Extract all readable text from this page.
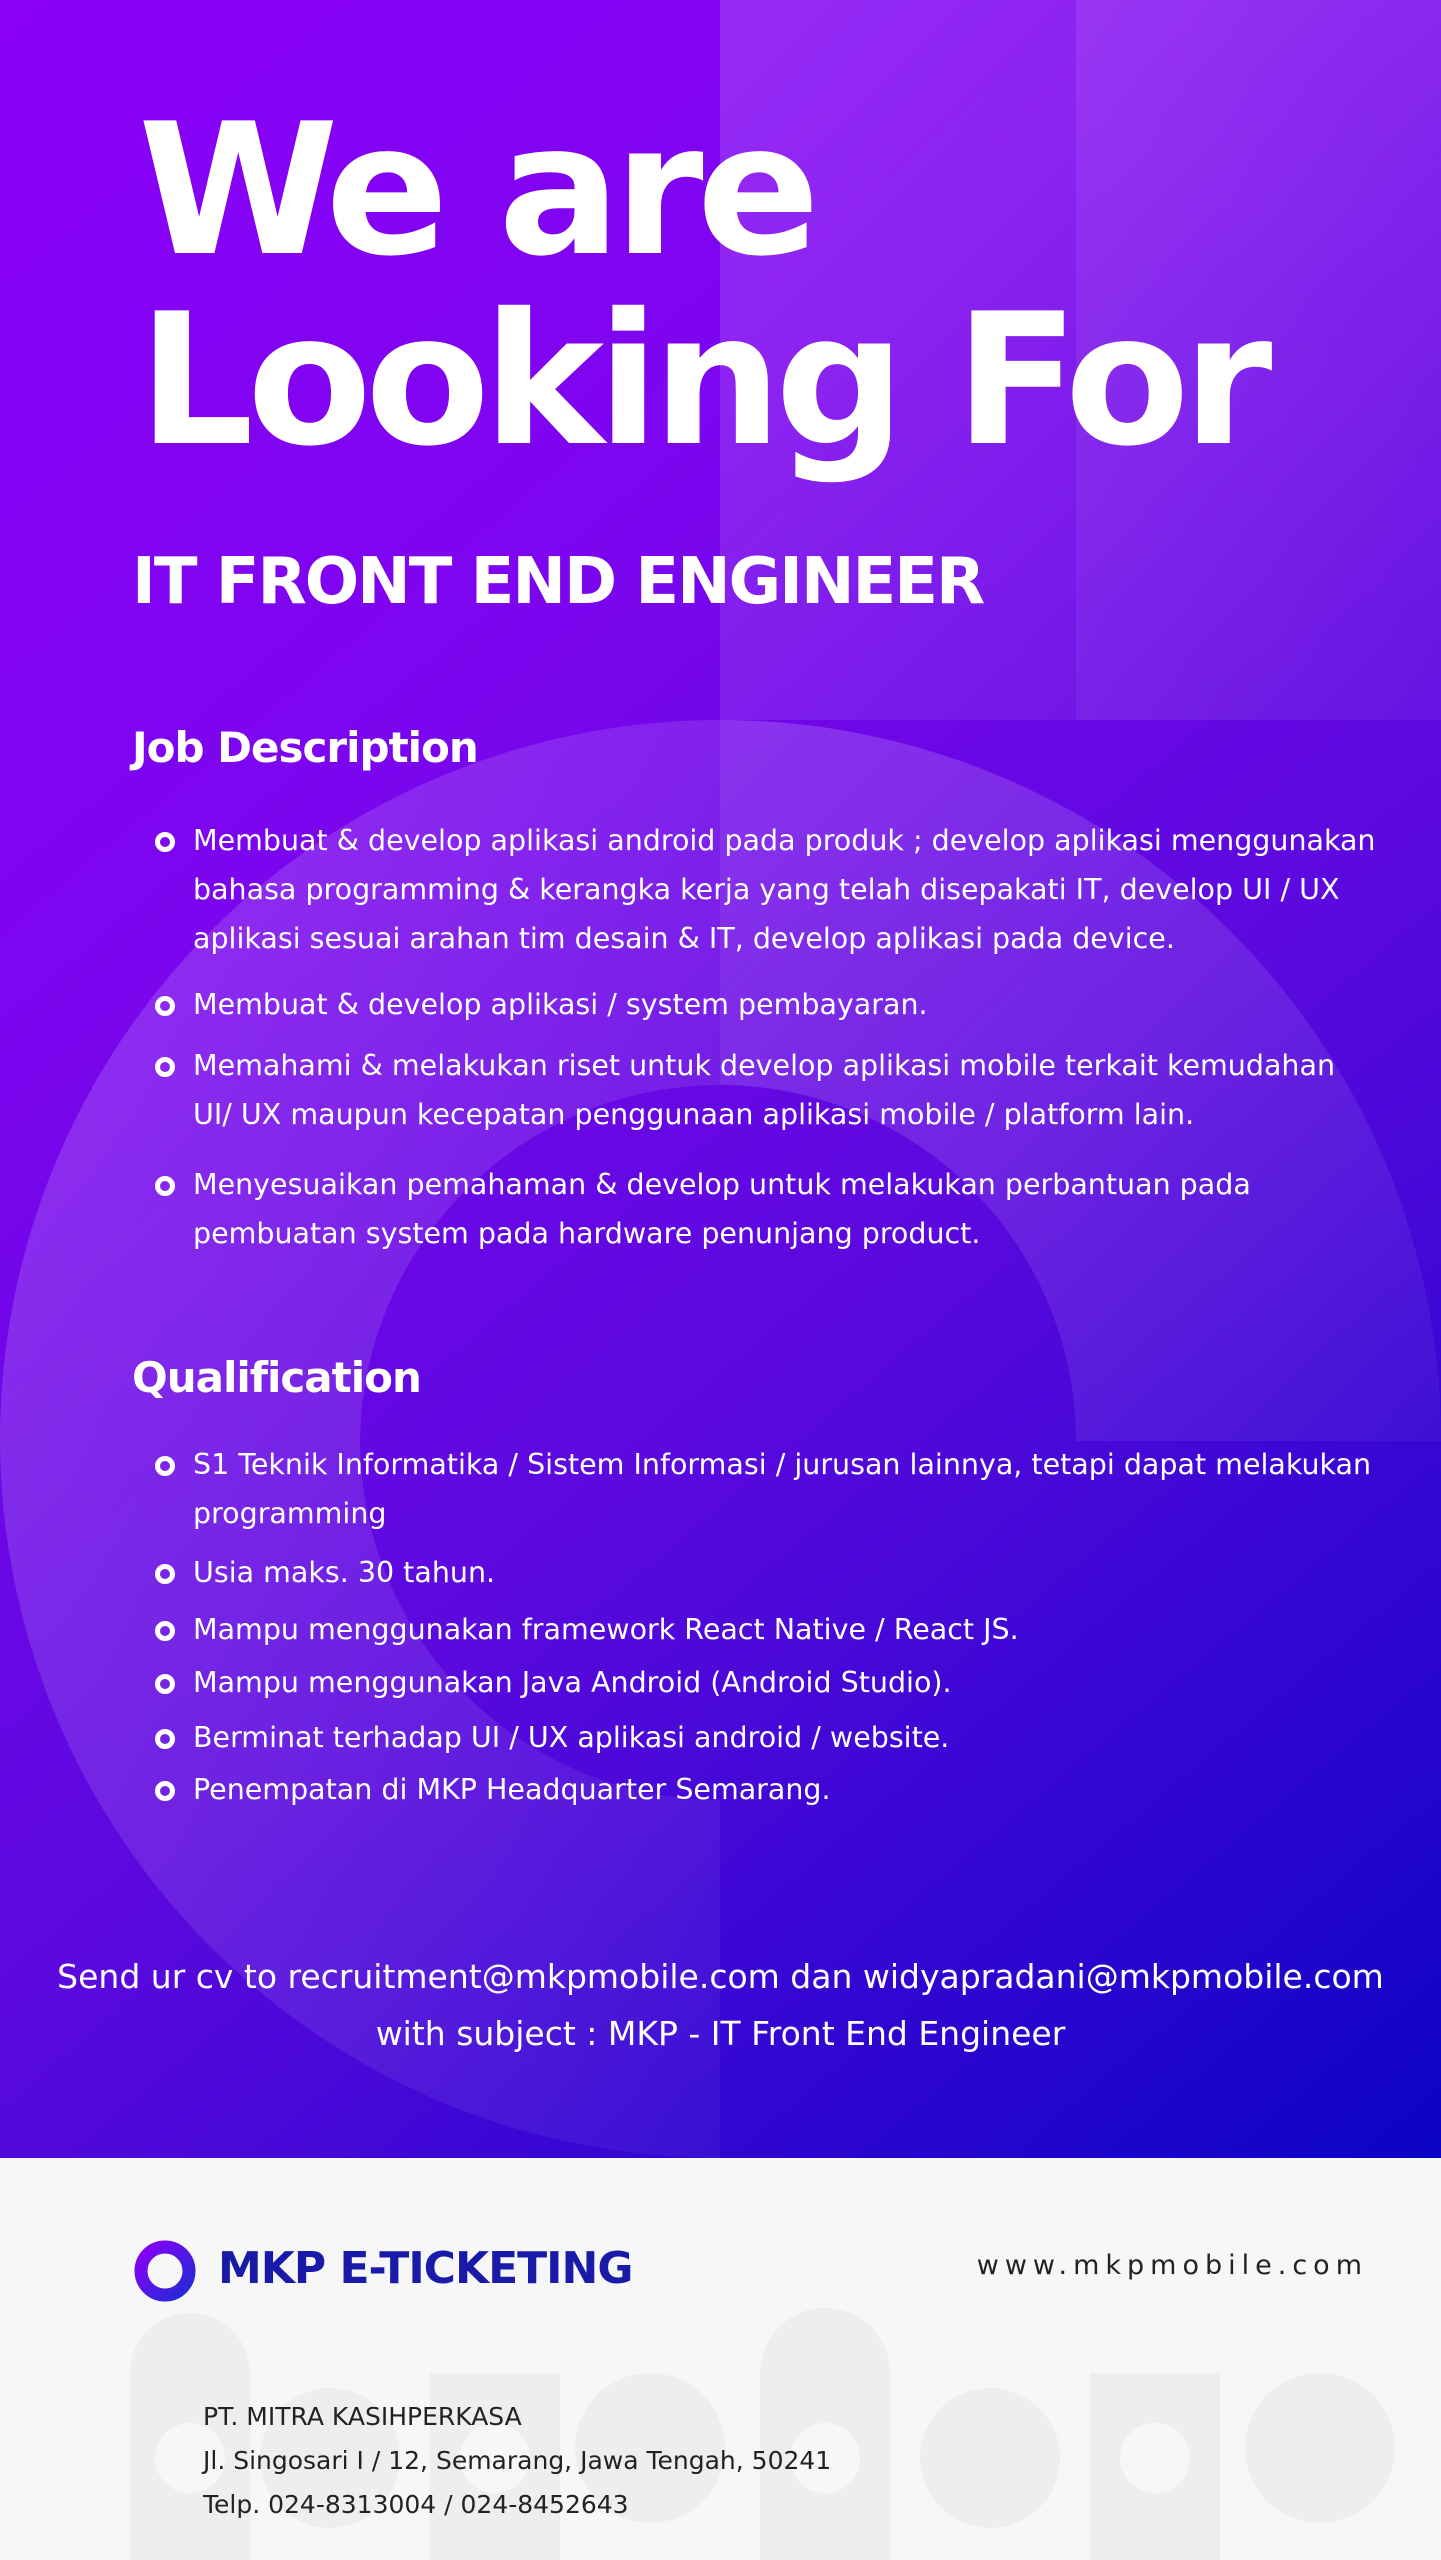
We are
Looking For
IT FRONT END ENGINEER
Job Description
Membuat & develop aplikasi android pada produk ; develop aplikasi menggunakan bahasa programming & kerangka kerja yang telah disepakati IT, develop UI / UX aplikasi sesuai arahan tim desain & IT, develop aplikasi pada device.
Membuat & develop aplikasi / system pembayaran.
Memahami & melakukan riset untuk develop aplikasi mobile terkait kemudahan UI/ UX maupun kecepatan penggunaan aplikasi mobile / platform lain.
Menyesuaikan pemahaman & develop untuk melakukan perbantuan pada pembuatan system pada hardware penunjang product.
Qualification
S1 Teknik Informatika / Sistem Informasi / jurusan lainnya, tetapi dapat melakukan programming
Usia maks. 30 tahun.
Mampu menggunakan framework React Native / React JS.
Mampu menggunakan Java Android (Android Studio).
Berminat terhadap UI / UX aplikasi android / website.
Penempatan di MKP Headquarter Semarang.

Send ur cv to recruitment@mkpmobile.com dan widyapradani@mkpmobile.com
with subject : MKP - IT Front End Engineer

MKP E-TICKETING	www.mkpmobile.com
PT. MITRA KASIHPERKASA
Jl. Singosari I / 12, Semarang, Jawa Tengah, 50241
Telp. 024-8313004 / 024-8452643
